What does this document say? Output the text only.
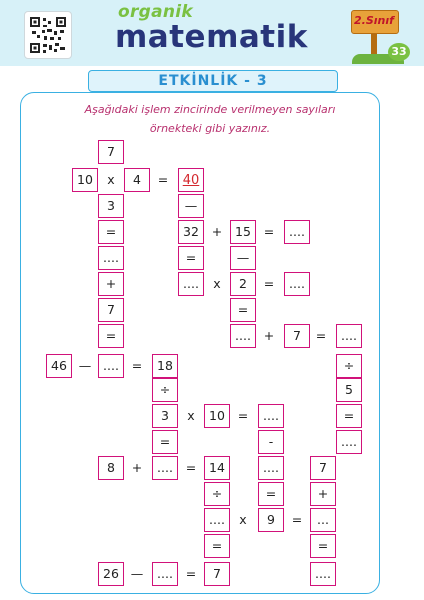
organik
matematik	2.Sınıf
33
ETKİNLİK - 3
Aşağıdaki işlem zincirinde verilmeyen sayıları
örnekteki gibi yazınız.
7
10	x	4	=	40
3	—
=	32	+	15	=	....
....	=	—
+	....	x	2	=	....
7	=
=	....	+	7	=	....
46 — ....	=	18	÷
÷	5
3	x	10	=	....	=
=	-	....
8	+	....	=	14	....	7
÷	=	+
....	x	9	=	...
=	=
26 —	....	=	7	....
